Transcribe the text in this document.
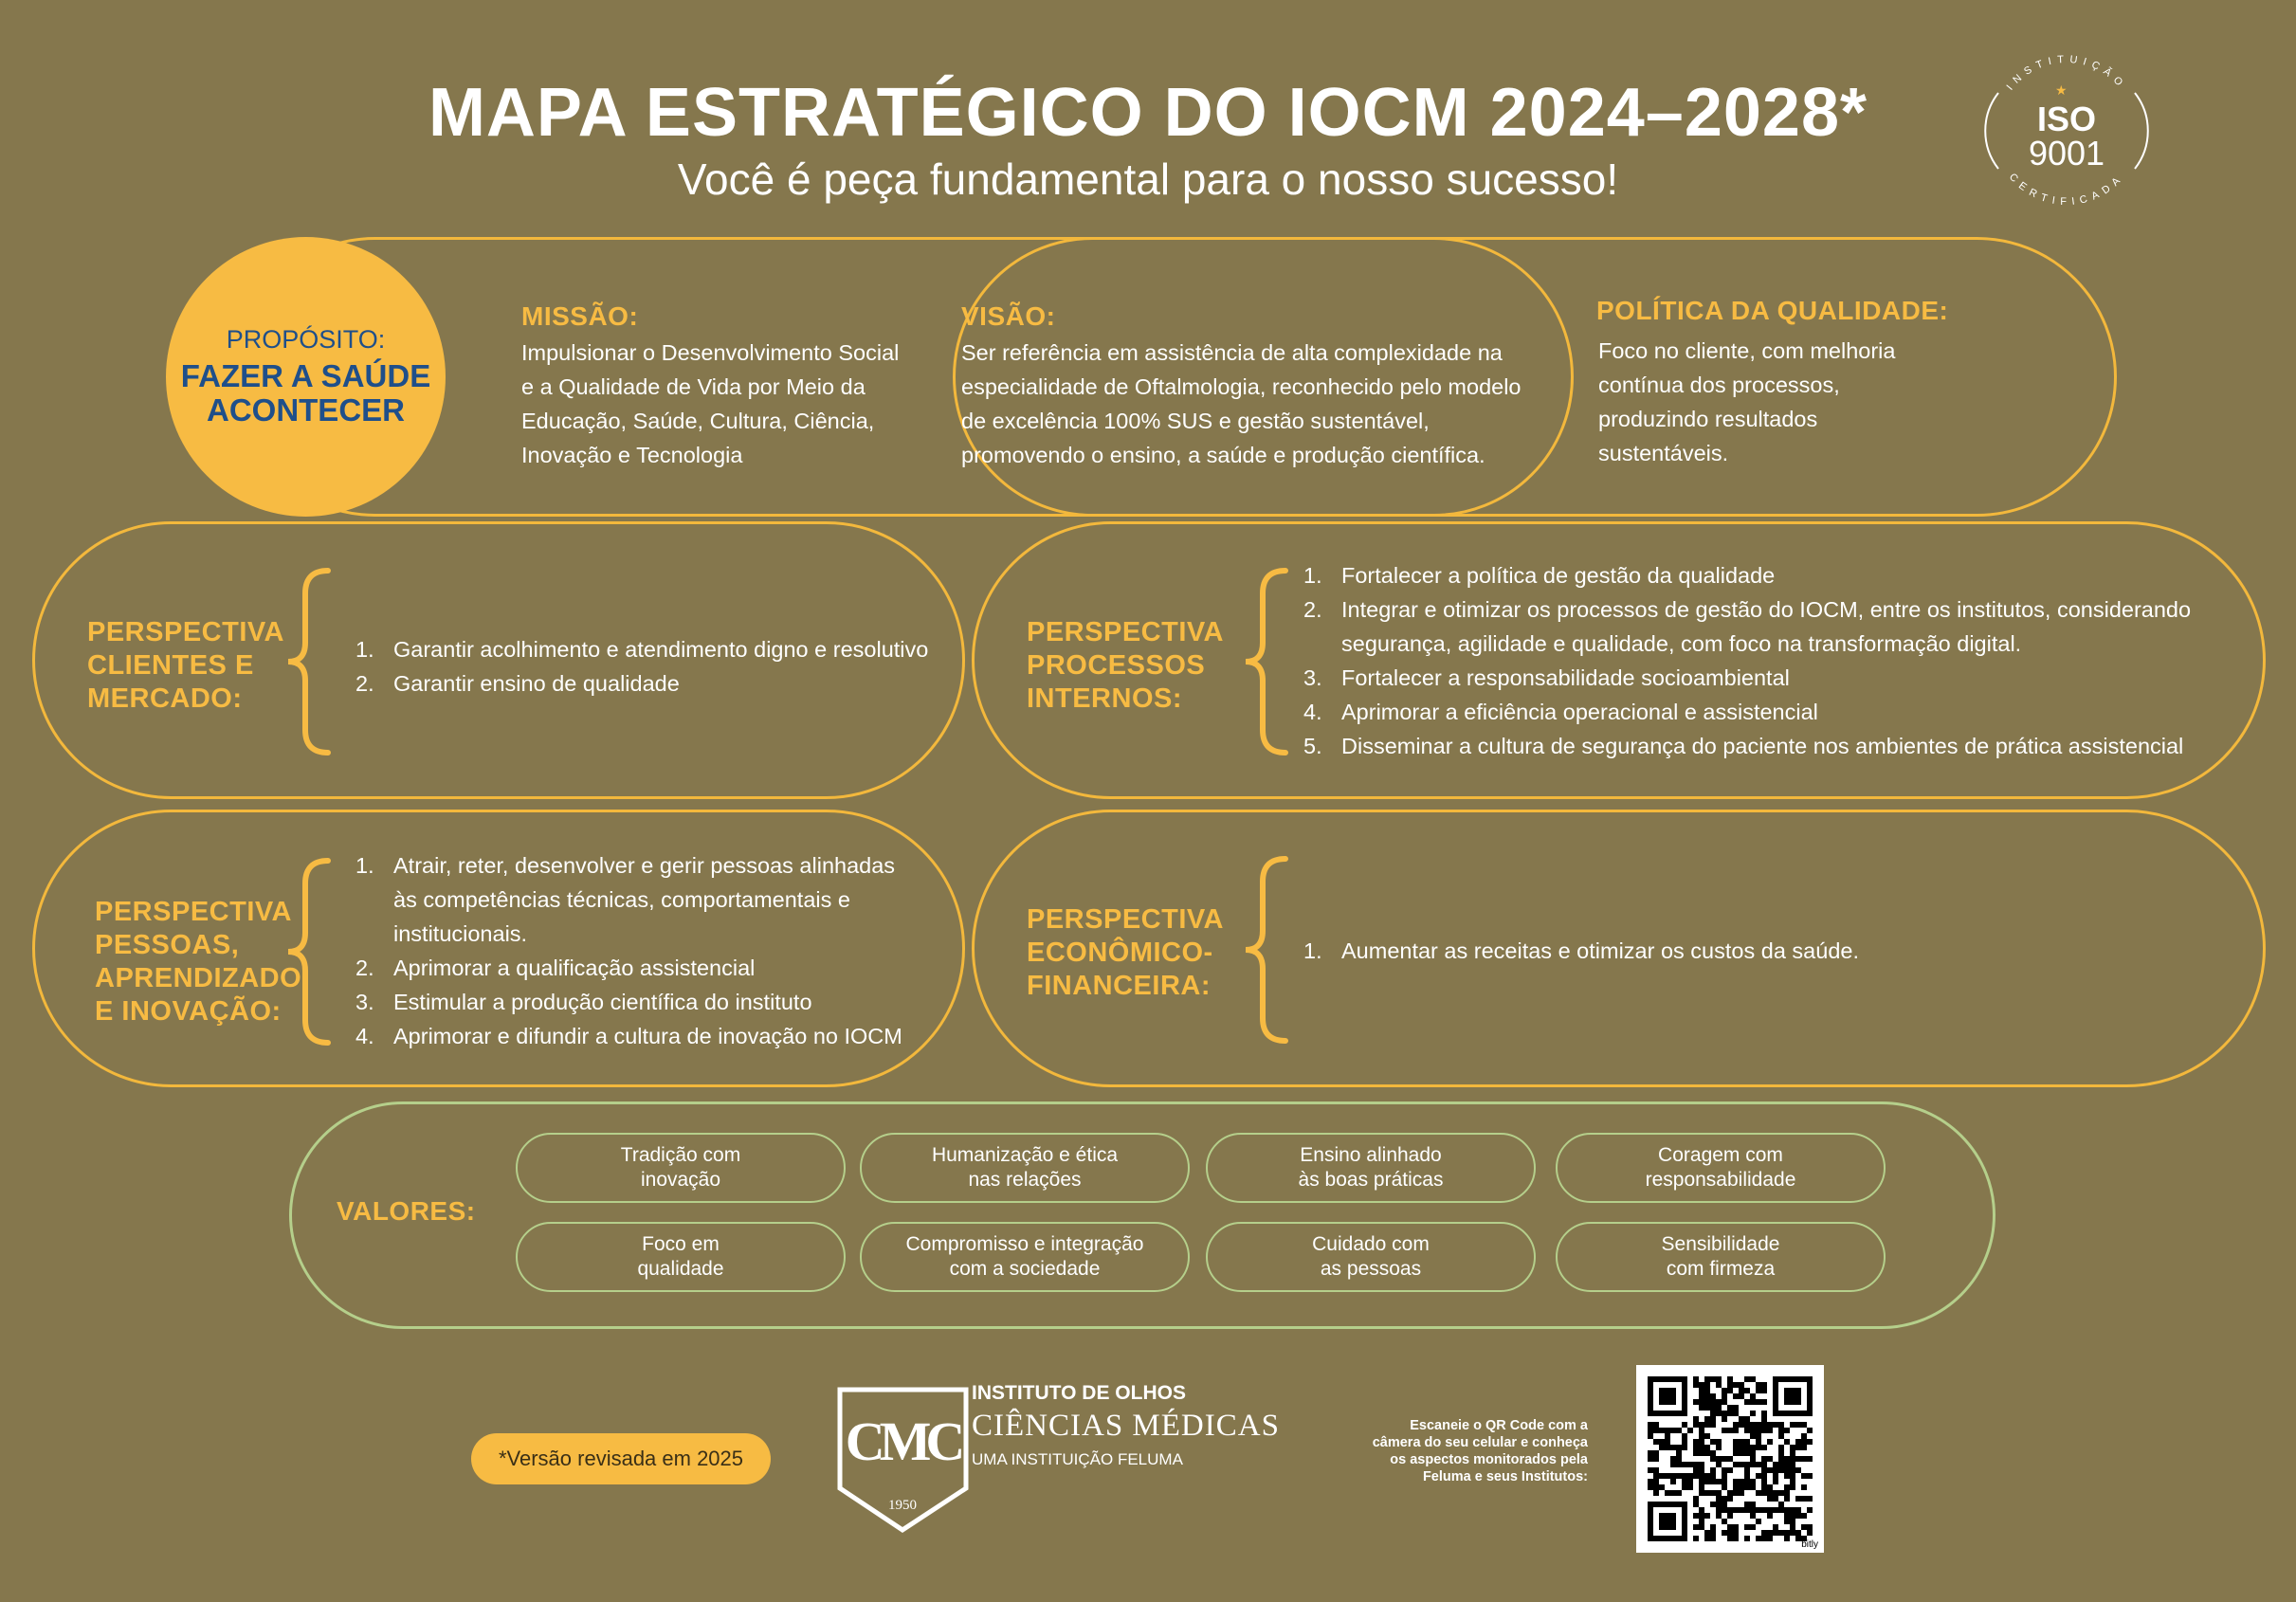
MAPA ESTRATÉGICO DO IOCM 2024–2028*
Você é peça fundamental para o nosso sucesso!
INSTITUIÇÃO
CERTIFICADA
★
ISO
9001
PROPÓSITO:
FAZER A SAÚDE
ACONTECER
MISSÃO:
Impulsionar o Desenvolvimento Social
e a Qualidade de Vida por Meio da
Educação, Saúde, Cultura, Ciência,
Inovação e Tecnologia
VISÃO:
Ser referência em assistência de alta complexidade na
especialidade de Oftalmologia, reconhecido pelo modelo
de excelência 100% SUS e gestão sustentável,
promovendo o ensino, a saúde e produção científica.
POLÍTICA DA QUALIDADE:
Foco no cliente, com melhoria
contínua dos processos,
produzindo resultados
sustentáveis.
PERSPECTIVA
CLIENTES E
MERCADO:
1. Garantir acolhimento e atendimento digno e resolutivo
2. Garantir ensino de qualidade
PERSPECTIVA
PROCESSOS
INTERNOS:
1. Fortalecer a política de gestão da qualidade
2. Integrar e otimizar os processos de gestão do IOCM, entre os institutos, considerando
segurança, agilidade e qualidade, com foco na transformação digital.
3. Fortalecer a responsabilidade socioambiental
4. Aprimorar a eficiência operacional e assistencial
5. Disseminar a cultura de segurança do paciente nos ambientes de prática assistencial
PERSPECTIVA
PESSOAS,
APRENDIZADO
E INOVAÇÃO:
1. Atrair, reter, desenvolver e gerir pessoas alinhadas
às competências técnicas, comportamentais e
institucionais.
2. Aprimorar a qualificação assistencial
3. Estimular a produção científica do instituto
4. Aprimorar e difundir a cultura de inovação no IOCM
PERSPECTIVA
ECONÔMICO-
FINANCEIRA:
1. Aumentar as receitas e otimizar os custos da saúde.
VALORES:
Tradição com
inovação
Humanização e ética
nas relações
Ensino alinhado
às boas práticas
Coragem com
responsabilidade
Foco em
qualidade
Compromisso e integração
com a sociedade
Cuidado com
as pessoas
Sensibilidade
com firmeza
*Versão revisada em 2025	CMC
1950
INSTITUTO DE OLHOS
CIÊNCIAS MÉDICAS
UMA INSTITUIÇÃO FELUMA
Escaneie o QR Code com a
câmera do seu celular e conheça
os aspectos monitorados pela
Feluma e seus Institutos:
bitly
